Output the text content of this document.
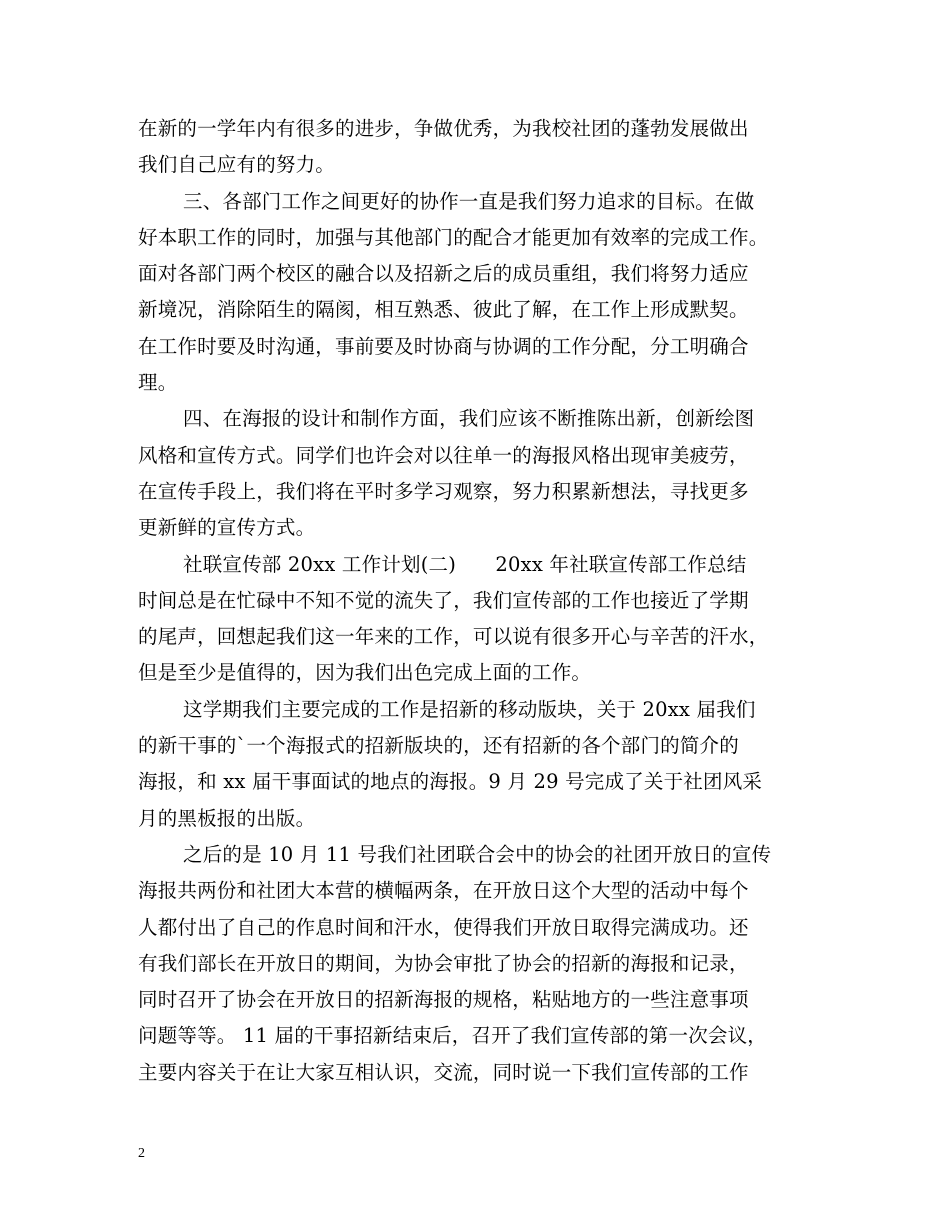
在新的一学年内有很多的进步，争做优秀，为我校社团的蓬勃发展做出
我们自己应有的努力。
三、各部门工作之间更好的协作一直是我们努力追求的目标。在做
好本职工作的同时，加强与其他部门的配合才能更加有效率的完成工作。
面对各部门两个校区的融合以及招新之后的成员重组，我们将努力适应
新境况，消除陌生的隔阂，相互熟悉、彼此了解，在工作上形成默契。
在工作时要及时沟通，事前要及时协商与协调的工作分配，分工明确合
理。
四、在海报的设计和制作方面，我们应该不断推陈出新，创新绘图
风格和宣传方式。同学们也许会对以往单一的海报风格出现审美疲劳，
在宣传手段上，我们将在平时多学习观察，努力积累新想法，寻找更多
更新鲜的宣传方式。
社联宣传部 20xx 工作计划(二)　　20xx 年社联宣传部工作总结
时间总是在忙碌中不知不觉的流失了，我们宣传部的工作也接近了学期
的尾声，回想起我们这一年来的工作，可以说有很多开心与辛苦的汗水，
但是至少是值得的，因为我们出色完成上面的工作。
这学期我们主要完成的工作是招新的移动版块，关于 20xx 届我们
的新干事的`一个海报式的招新版块的，还有招新的各个部门的简介的
海报，和 xx 届干事面试的地点的海报。9 月 29 号完成了关于社团风采
月的黑板报的出版。
之后的是 10 月 11 号我们社团联合会中的协会的社团开放日的宣传
海报共两份和社团大本营的横幅两条，在开放日这个大型的活动中每个
人都付出了自己的作息时间和汗水，使得我们开放日取得完满成功。还
有我们部长在开放日的期间，为协会审批了协会的招新的海报和记录，
同时召开了协会在开放日的招新海报的规格，粘贴地方的一些注意事项
问题等等。 11 届的干事招新结束后，召开了我们宣传部的第一次会议，
主要内容关于在让大家互相认识，交流，同时说一下我们宣传部的工作
2
